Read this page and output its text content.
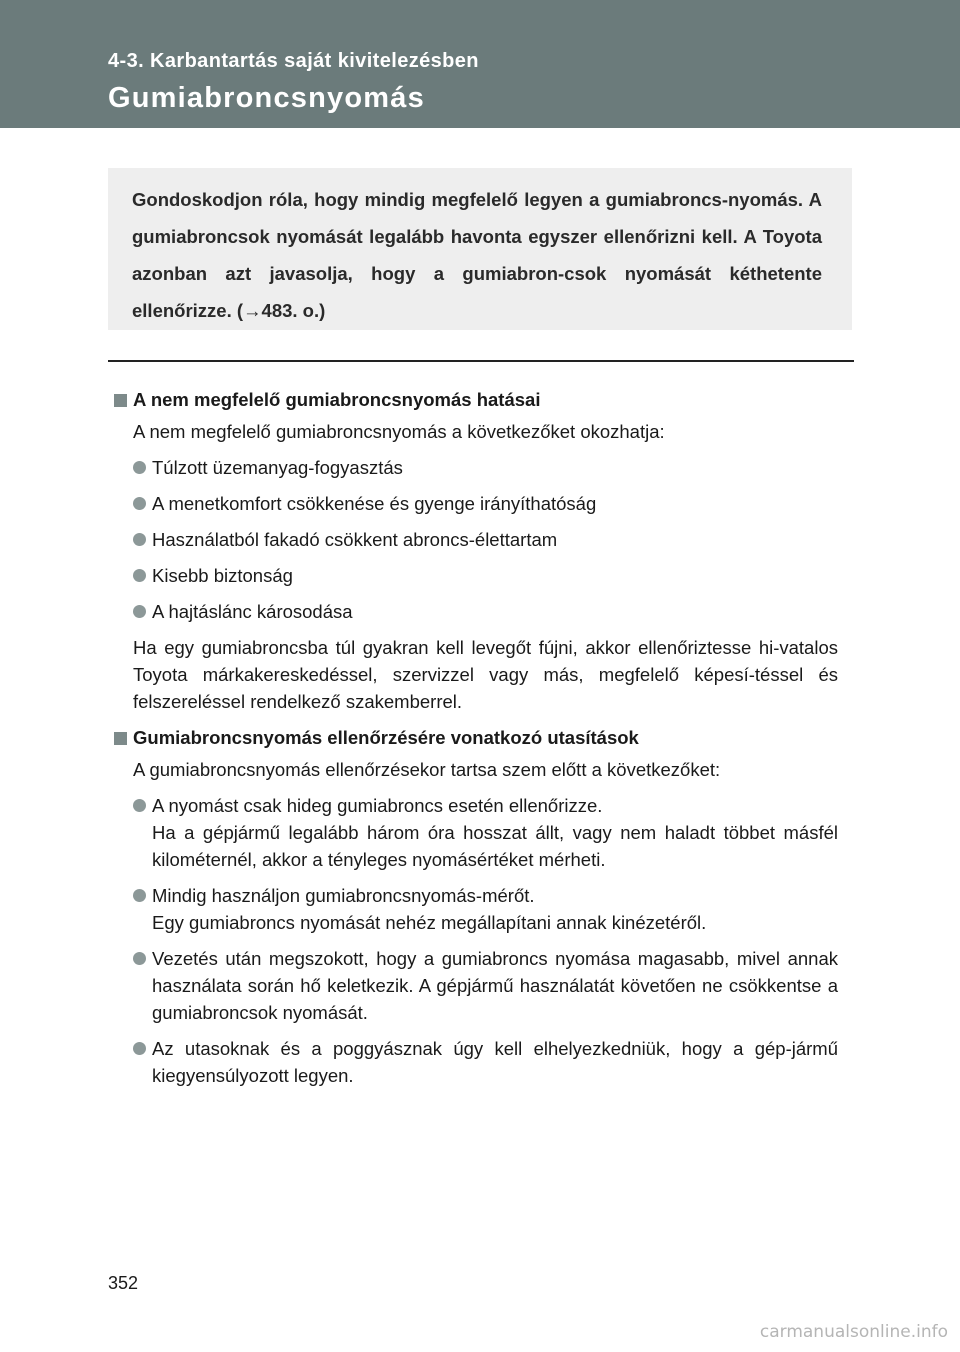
4-3. Karbantartás saját kivitelezésben
Gumiabroncsnyomás

Gondoskodjon róla, hogy mindig megfelelő legyen a gumiabroncs-nyomás. A gumiabroncsok nyomását legalább havonta egyszer ellenőrizni kell. A Toyota azonban azt javasolja, hogy a gumiabron-csok nyomását kéthetente ellenőrizze. (→483. o.)

A nem megfelelő gumiabroncsnyomás hatásai

A nem megfelelő gumiabroncsnyomás a következőket okozhatja:

Túlzott üzemanyag-fogyasztás
A menetkomfort csökkenése és gyenge irányíthatóság
Használatból fakadó csökkent abroncs-élettartam
Kisebb biztonság
A hajtáslánc károsodása

Ha egy gumiabroncsba túl gyakran kell levegőt fújni, akkor ellenőriztesse hi-vatalos Toyota márkakereskedéssel, szervizzel vagy más, megfelelő képesí-téssel és felszereléssel rendelkező szakemberrel.

Gumiabroncsnyomás ellenőrzésére vonatkozó utasítások

A gumiabroncsnyomás ellenőrzésekor tartsa szem előtt a következőket:

A nyomást csak hideg gumiabroncs esetén ellenőrizze.
Ha a gépjármű legalább három óra hosszat állt, vagy nem haladt többet másfél kilométernél, akkor a tényleges nyomásértéket mérheti.
Mindig használjon gumiabroncsnyomás-mérőt.
Egy gumiabroncs nyomását nehéz megállapítani annak kinézetéről.
Vezetés után megszokott, hogy a gumiabroncs nyomása magasabb, mivel annak használata során hő keletkezik. A gépjármű használatát követően ne csökkentse a gumiabroncsok nyomását.
Az utasoknak és a poggyásznak úgy kell elhelyezkedniük, hogy a gép-jármű kiegyensúlyozott legyen.
352
carmanualsonline.info
